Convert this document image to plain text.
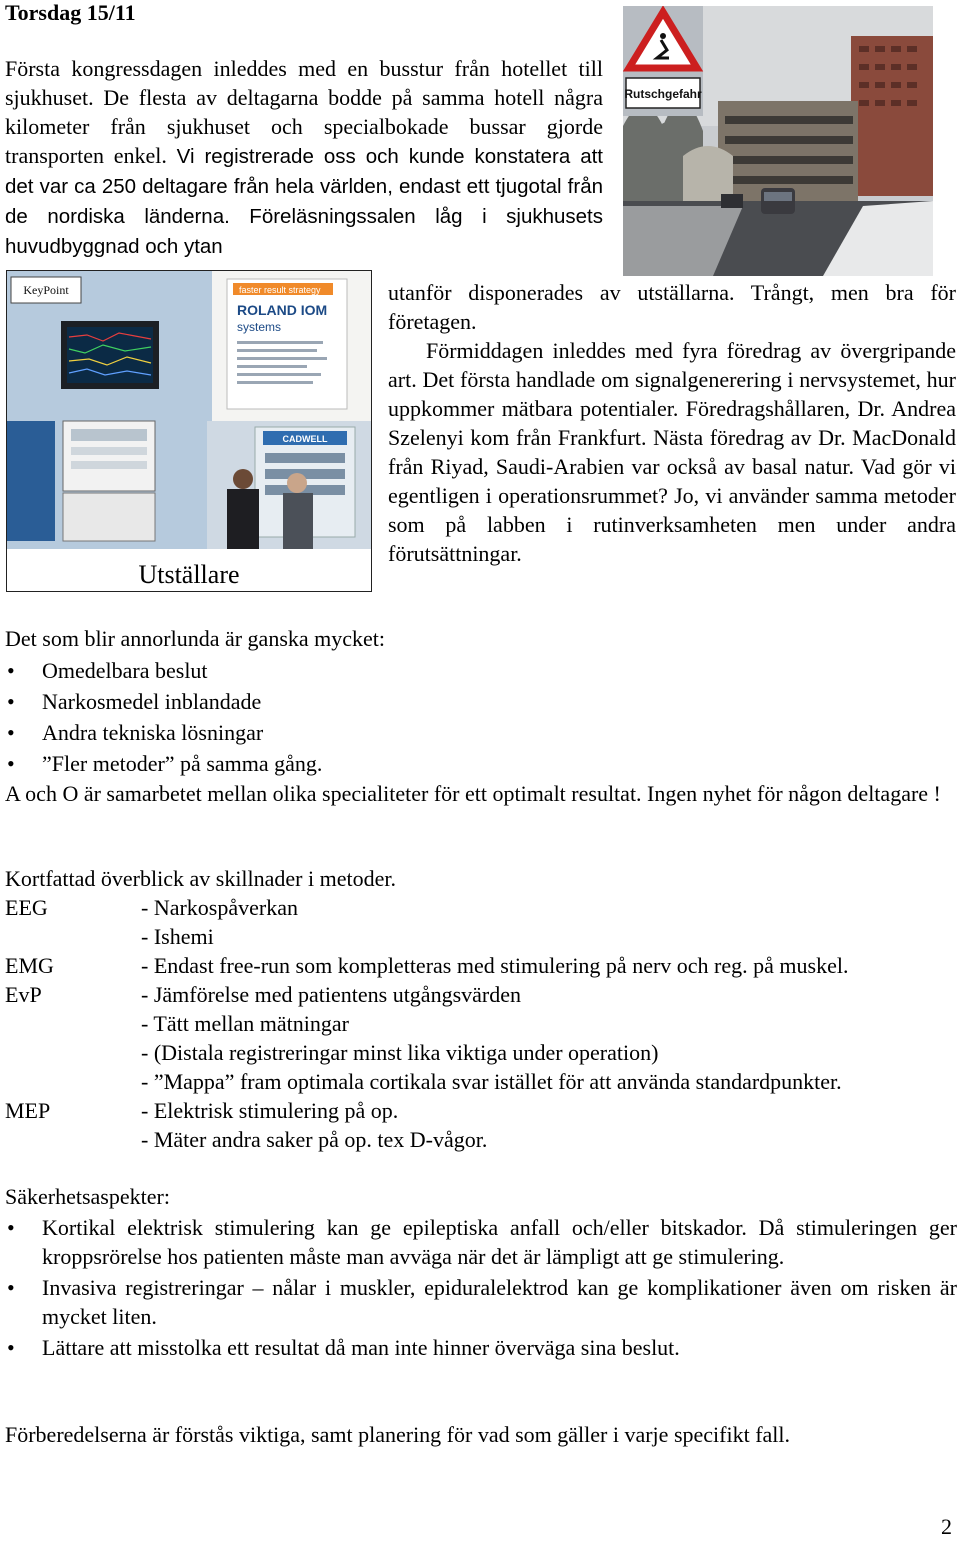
Torsdag 15/11
Första kongressdagen inleddes med en busstur från hotellet till sjukhuset. De flesta av deltagarna bodde på samma hotell några kilometer från sjukhuset och specialbokade bussar gjorde transporten enkel. Vi registrerade oss och kunde konstatera att det var ca 250 deltagare från hela världen, endast ett tjugotal från de nordiska länderna. Föreläsningssalen låg i sjukhusets huvudbyggnad och ytan
Rutschgefahr
KeyPoint	faster result strategy
ROLAND IOM
systems
CADWELL
Utställare
utanför disponerades av utställarna. Trångt, men bra för företagen.
Förmiddagen inleddes med fyra föredrag av övergripande art. Det första handlade om signalgenerering i nervsystemet, hur uppkommer mätbara potentialer. Föredragshållaren, Dr. Andrea Szelenyi kom från Frankfurt. Nästa föredrag av Dr. MacDonald från Riyad, Saudi-Arabien var också av basal natur. Vad gör vi egentligen i operationsrummet? Jo, vi använder samma metoder som på labben i rutinverksamheten men under andra förutsättningar.
Det som blir annorlunda är ganska mycket:
• Omedelbara beslut
• Narkosmedel inblandade
• Andra tekniska lösningar
• ”Fler metoder” på samma gång.
A och O är samarbetet mellan olika specialiteter för ett optimalt resultat. Ingen nyhet för någon deltagare !
Kortfattad överblick av skillnader i metoder.
EEG	- Narkospåverkan
- Ishemi
EMG	- Endast free-run som kompletteras med stimulering på nerv och reg. på muskel.
EvP	- Jämförelse med patientens utgångsvärden
- Tätt mellan mätningar
- (Distala registreringar minst lika viktiga under operation)
- ”Mappa” fram optimala cortikala svar istället för att använda standardpunkter.
MEP	- Elektrisk stimulering på op.
- Mäter andra saker på op. tex D-vågor.
Säkerhetsaspekter:
• Kortikal elektrisk stimulering kan ge epileptiska anfall och/eller bitskador. Då stimuleringen ger kroppsrörelse hos patienten måste man avväga när det är lämpligt att ge stimulering.
• Invasiva registreringar – nålar i muskler, epiduralelektrod kan ge komplikationer även om risken är mycket liten.
• Lättare att misstolka ett resultat då man inte hinner överväga sina beslut.
Förberedelserna är förstås viktiga, samt planering för vad som gäller i varje specifikt fall.
2
